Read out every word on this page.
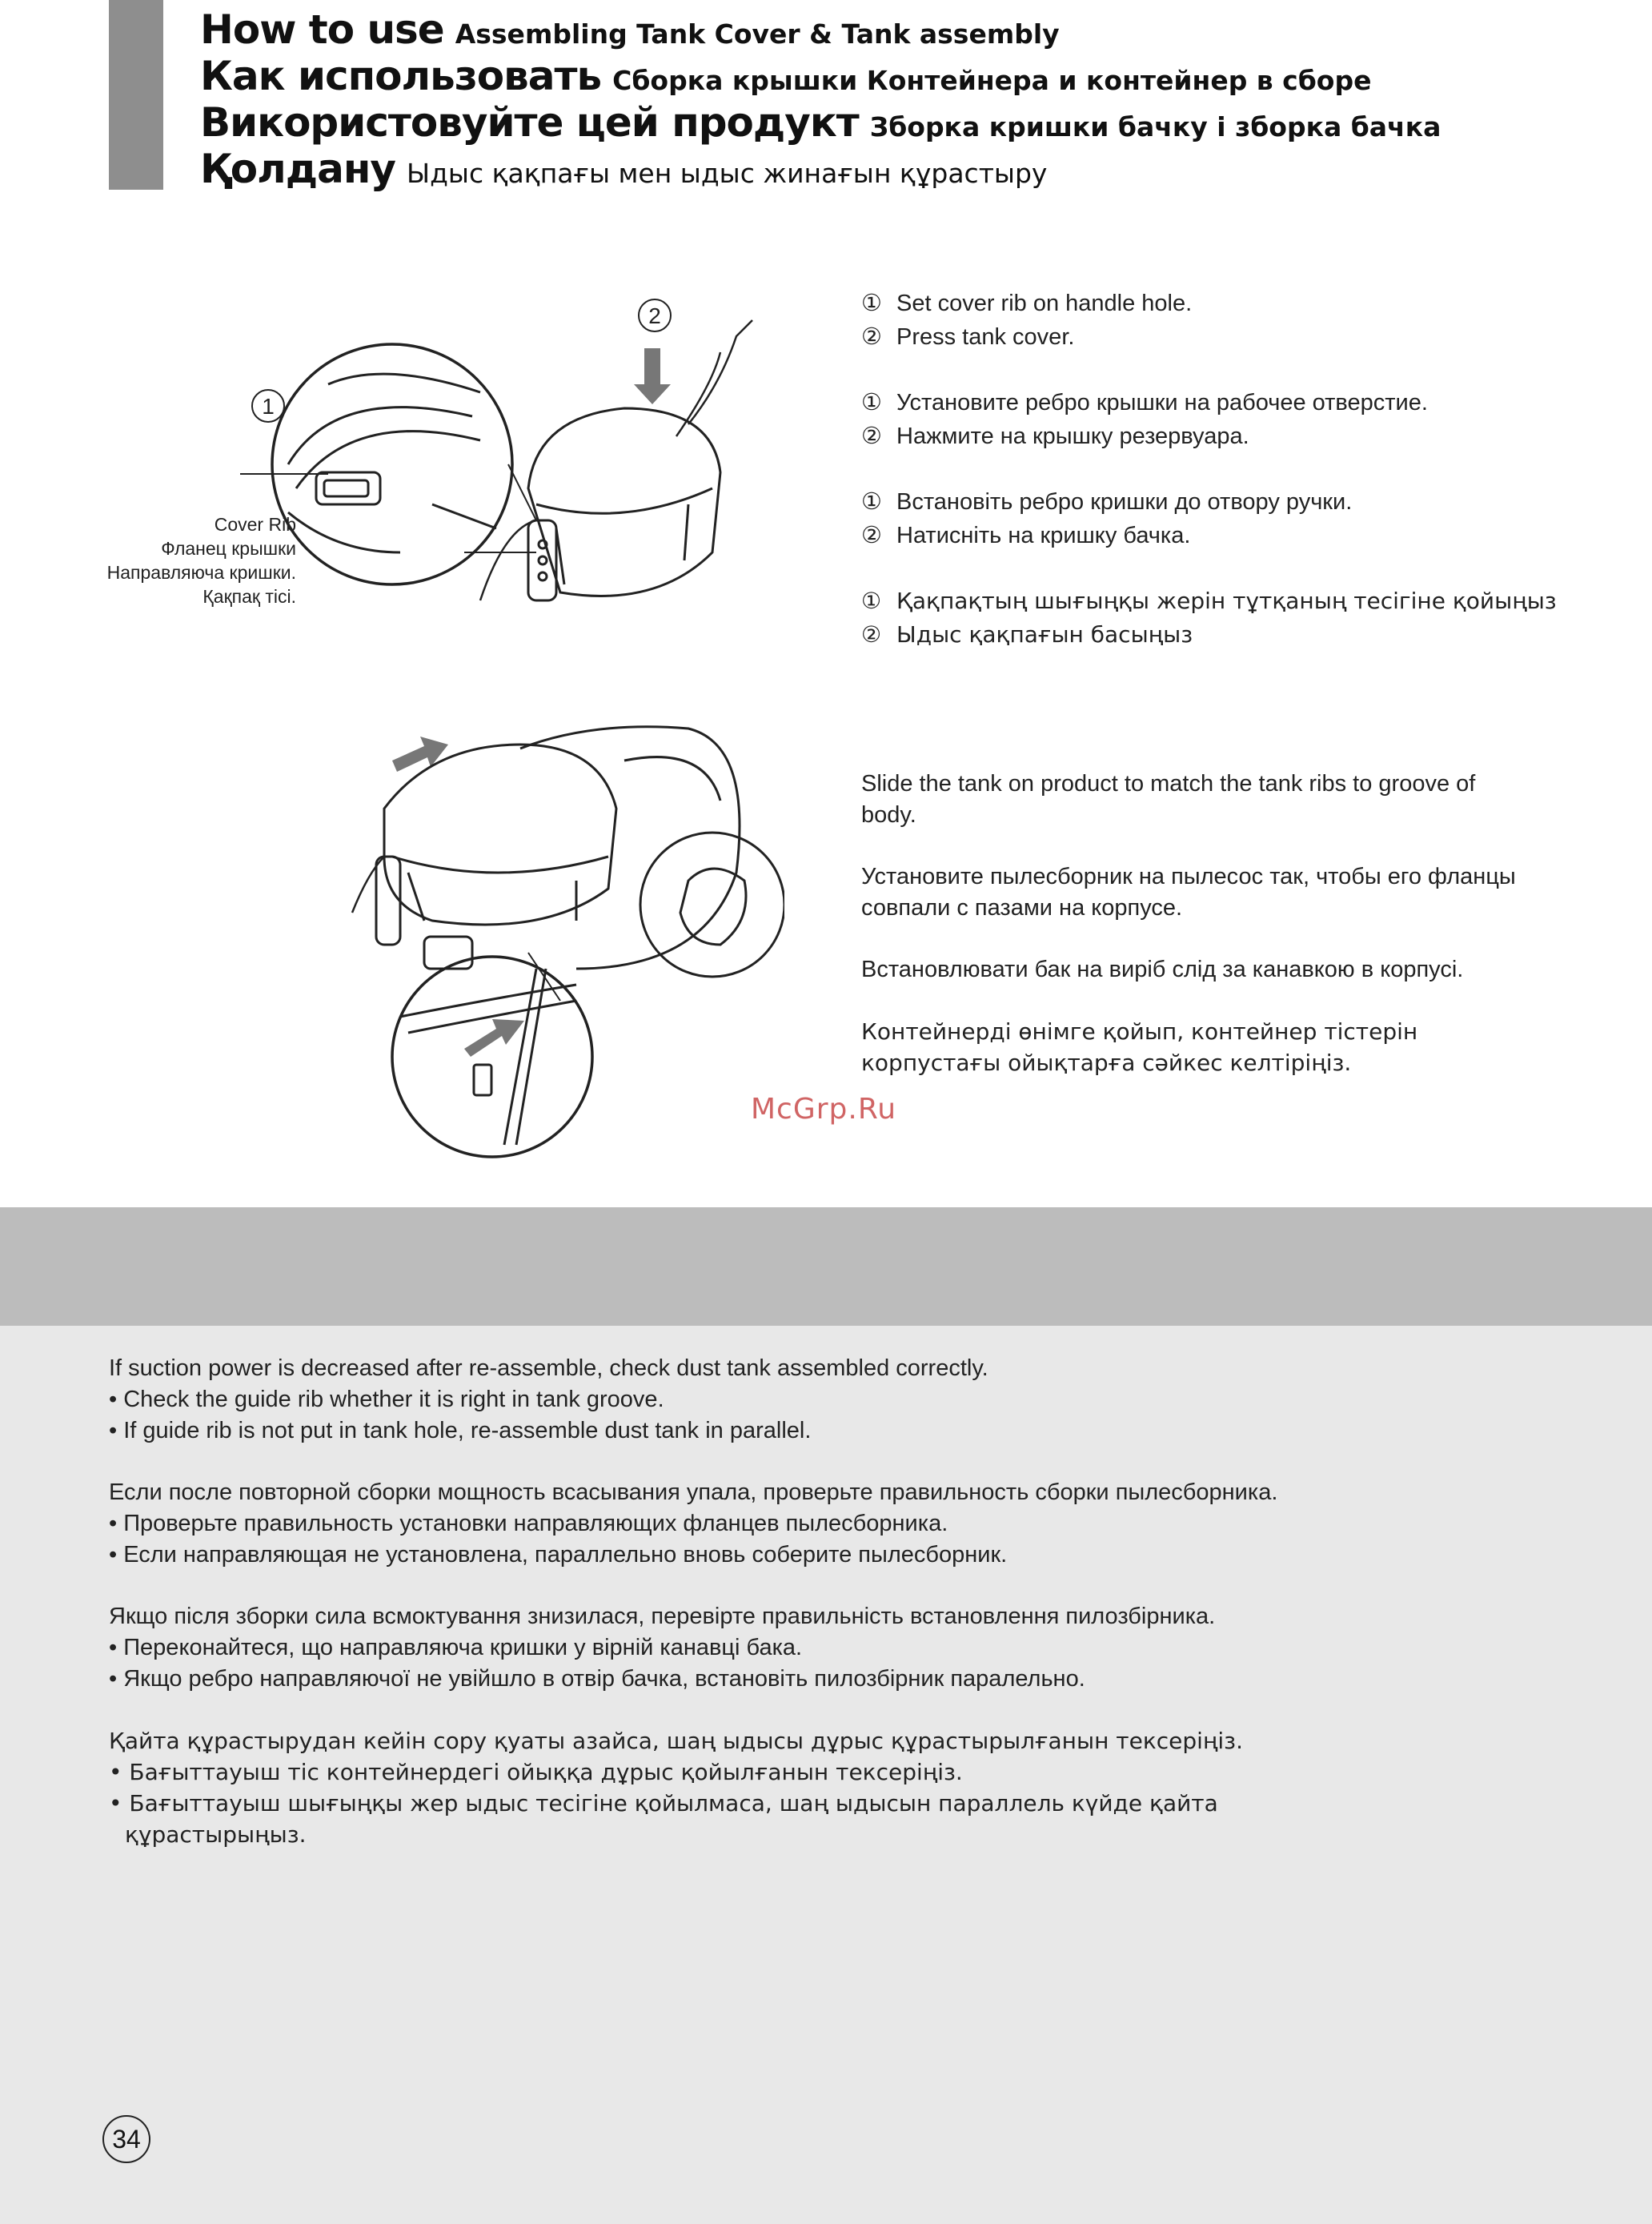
How to use Assembling Tank Cover & Tank assembly
Как использовать Сборка крышки Контейнера и контейнер в сборе
Використовуйте цей продукт Зборка кришки бачку і зборка бачка
Қолдану Ыдыс қақпағы мен ыдыс жинағын құрастыру
1
2
Cover Rib
Фланец крышки
Направляюча кришки.
Қақпақ тісі.
① Set cover rib on handle hole.
② Press tank cover.
① Установите ребро крышки на рабочее отверстие.
② Нажмите на крышку резервуара.
① Встановіть ребро кришки до отвору ручки.
② Натисніть на кришку бачка.
① Қақпақтың шығыңқы жерін тұтқаның тесігіне қойыңыз
② Ыдыс қақпағын басыңыз

Slide the tank on product to match the tank ribs to groove of body.

Установите пылесборник на пылесос так, чтобы его фланцы совпали с пазами на корпусе.

Встановлювати бак на виріб слід за канавкою в корпусі.

Контейнерді өнімге қойып, контейнер тістерін корпустағы ойықтарға сәйкес келтіріңіз.

McGrp.Ru
If suction power is decreased after re-assemble, check dust tank assembled correctly.
• Check the guide rib whether it is right in tank groove.
• If guide rib is not put in tank hole, re-assemble dust tank in parallel.
Если после повторной сборки мощность всасывания упала, проверьте правильность сборки пылесборника.
• Проверьте правильность установки направляющих фланцев пылесборника.
• Если направляющая не установлена, параллельно вновь соберите пылесборник.
Якщо після зборки сила всмоктування знизилася, перевірте правильність встановлення пилозбірника.
• Переконайтеся, що направляюча кришки у вірній канавці бака.
• Якщо ребро направляючої не увійшло в отвір бачка, встановіть пилозбірник паралельно.
Қайта құрастырудан кейін сору қуаты азайса, шаң ыдысы дұрыс құрастырылғанын тексеріңіз.
• Бағыттауыш тіс контейнердегі ойыққа дұрыс қойылғанын тексеріңіз.
• Бағыттауыш шығыңқы жер ыдыс тесігіне қойылмаса, шаң ыдысын параллель күйде қайта
құрастырыңыз.
34
